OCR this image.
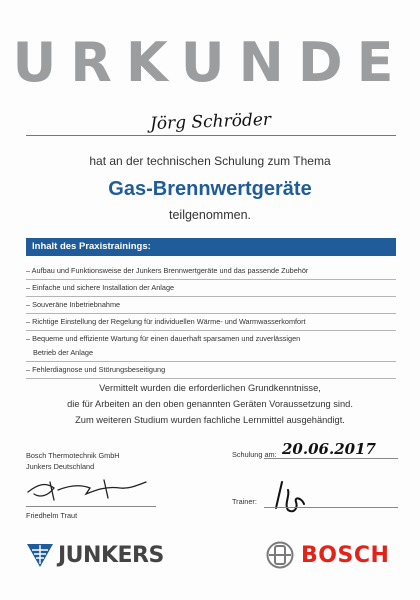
URKUNDE
Jörg Schröder
hat an der technischen Schulung zum Thema
Gas-Brennwertgeräte
teilgenommen.
Inhalt des Praxistrainings:
– Aufbau und Funktionsweise der Junkers Brennwertgeräte und das passende Zubehör
– Einfache und sichere Installation der Anlage
– Souveräne Inbetriebnahme
– Richtige Einstellung der Regelung für individuellen Wärme- und Warmwasserkomfort
– Bequeme und effiziente Wartung für einen dauerhaft sparsamen und zuverlässigen
Betrieb der Anlage
– Fehlerdiagnose und Störungsbeseitigung
Vermittelt wurden die erforderlichen Grundkenntnisse,
die für Arbeiten an den oben genannten Geräten Voraussetzung sind.
Zum weiteren Studium wurden fachliche Lernmittel ausgehändigt.
Bosch Thermotechnik GmbH
Junkers Deutschland
Schulung am: 20.06.2017
Friedhelm Traut
Trainer:
JUNKERS	BOSCH
